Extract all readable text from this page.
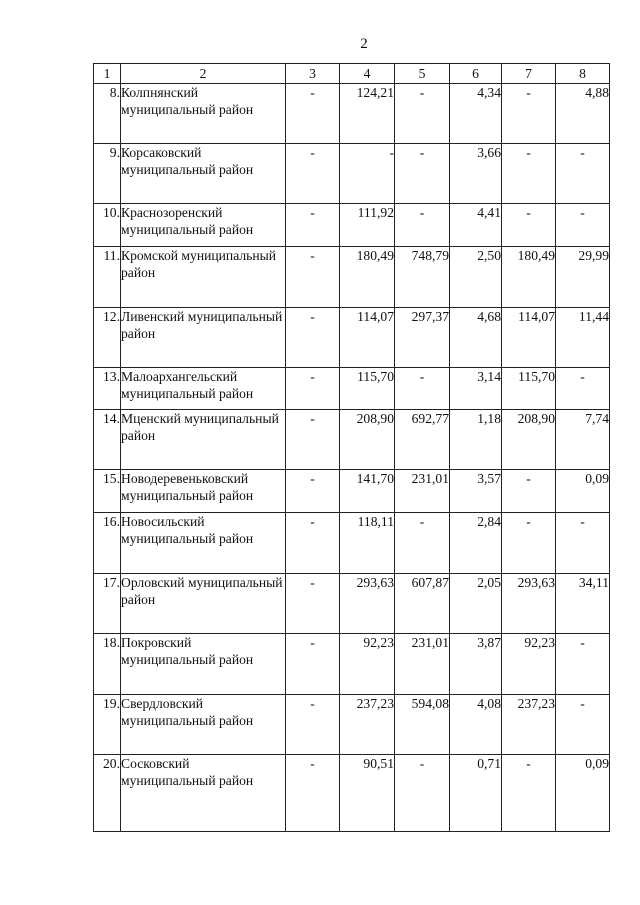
2
1	2	3	4	5	6	7	8
8.	Колпнянский муниципальный район	-	124,21	-	4,34	-	4,88
9.	Корсаковский муниципальный район	-	-	-	3,66	-	-
10.	Краснозоренский муниципальный район	-	111,92	-	4,41	-	-
11.	Кромской муниципальный район	-	180,49	748,79	2,50	180,49	29,99
12.	Ливенский муниципальный район	-	114,07	297,37	4,68	114,07	11,44
13.	Малоархангельский муниципальный район	-	115,70	-	3,14	115,70	-
14.	Мценский муниципальный район	-	208,90	692,77	1,18	208,90	7,74
15.	Новодеревеньковский муниципальный район	-	141,70	231,01	3,57	-	0,09
16.	Новосильский муниципальный район	-	118,11	-	2,84	-	-
17.	Орловский муниципальный район	-	293,63	607,87	2,05	293,63	34,11
18.	Покровский муниципальный район	-	92,23	231,01	3,87	92,23	-
19.	Свердловский муниципальный район	-	237,23	594,08	4,08	237,23	-
20.	Сосковский муниципальный район	-	90,51	-	0,71	-	0,09
